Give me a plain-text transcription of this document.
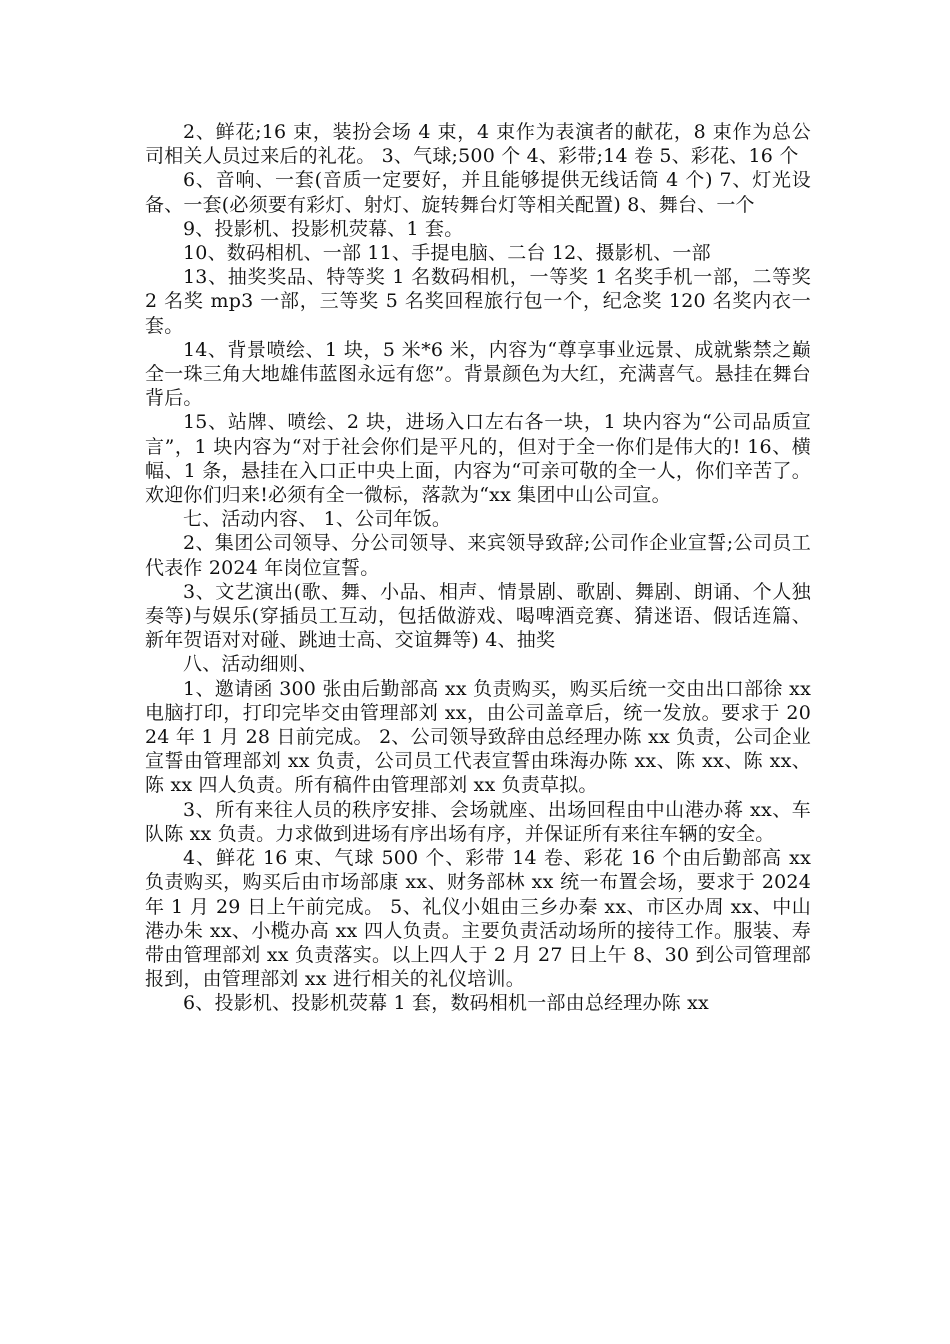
2、鲜花;16 束，装扮会场 4 束，4 束作为表演者的献花，8 束作为总公司相关人员过来后的礼花。 3、气球;500 个 4、彩带;14 卷 5、彩花、16 个

6、音响、一套(音质一定要好，并且能够提供无线话筒 4 个) 7、灯光设备、一套(必须要有彩灯、射灯、旋转舞台灯等相关配置) 8、舞台、一个

9、投影机、投影机荧幕、1 套。

10、数码相机、一部 11、手提电脑、二台 12、摄影机、一部

13、抽奖奖品、特等奖 1 名数码相机，一等奖 1 名奖手机一部，二等奖 2 名奖 mp3 一部，三等奖 5 名奖回程旅行包一个，纪念奖 120 名奖内衣一套。

14、背景喷绘、1 块，5 米*6 米，内容为“尊享事业远景、成就紫禁之巅全一珠三角大地雄伟蓝图永远有您”。背景颜色为大红，充满喜气。悬挂在舞台背后。

15、站牌、喷绘、2 块，进场入口左右各一块，1 块内容为“公司品质宣言”，1 块内容为“对于社会你们是平凡的，但对于全一你们是伟大的! 16、横幅、1 条，悬挂在入口正中央上面，内容为“可亲可敬的全一人，你们辛苦了。欢迎你们归来!必须有全一微标，落款为“xx 集团中山公司宣。

七、活动内容、 1、公司年饭。

2、集团公司领导、分公司领导、来宾领导致辞;公司作企业宣誓;公司员工代表作 2024 年岗位宣誓。

3、文艺演出(歌、舞、小品、相声、情景剧、歌剧、舞剧、朗诵、个人独奏等)与娱乐(穿插员工互动，包括做游戏、喝啤酒竞赛、猜迷语、假话连篇、新年贺语对对碰、跳迪士高、交谊舞等) 4、抽奖

八、活动细则、

1、邀请函 300 张由后勤部高 xx 负责购买，购买后统一交由出口部徐 xx 电脑打印，打印完毕交由管理部刘 xx，由公司盖章后，统一发放。要求于 2024 年 1 月 28 日前完成。 2、公司领导致辞由总经理办陈 xx 负责，公司企业宣誓由管理部刘 xx 负责，公司员工代表宣誓由珠海办陈 xx、陈 xx、陈 xx、陈 xx 四人负责。所有稿件由管理部刘 xx 负责草拟。

3、所有来往人员的秩序安排、会场就座、出场回程由中山港办蒋 xx、车队陈 xx 负责。力求做到进场有序出场有序，并保证所有来往车辆的安全。

4、鲜花 16 束、气球 500 个、彩带 14 卷、彩花 16 个由后勤部高 xx 负责购买，购买后由市场部康 xx、财务部林 xx 统一布置会场，要求于 2024 年 1 月 29 日上午前完成。 5、礼仪小姐由三乡办秦 xx、市区办周 xx、中山港办朱 xx、小榄办高 xx 四人负责。主要负责活动场所的接待工作。服装、寿带由管理部刘 xx 负责落实。以上四人于 2 月 27 日上午 8、30 到公司管理部报到，由管理部刘 xx 进行相关的礼仪培训。

6、投影机、投影机荧幕 1 套，数码相机一部由总经理办陈 xx
